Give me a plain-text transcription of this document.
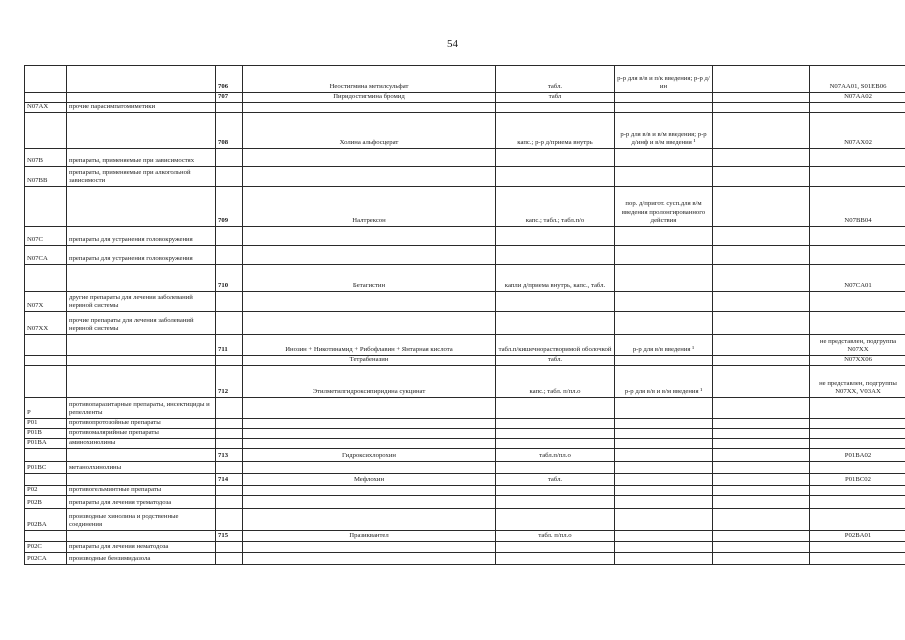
54
		706	Неостигмина метилсульфат	табл.	р-р для в/в и п/к введения; р-р д/ин		N07AA01, S01EB06
		707	Пиридостигмина бромид	табл			N07AA02
N07AX	прочие парасимпатомиметики						
		708	Холина альфосцерат	капс.; р-р д/приема внутрь	р-р для в/в и в/м введения; р-р д/инф и в/м введения ¹		N07AX02
N07B	препараты, применяемые при зависимостях						
N07BB	препараты, применяемые при алкогольной зависимости						
		709	Налтрексон	капс.; табл.; табл.п/о	пор. д/пригот. сусп.для в/м введения пролонгированного действия		N07BB04
N07C	препараты для устранения головокружения						
N07CA	препараты для устранения головокружения						
		710	Бетагистин	капли д/приема внутрь, капс., табл.			N07CA01
N07X	другие препараты для лечения заболеваний нервной системы						
N07XX	прочие препараты для лечения заболеваний нервной системы						
		711	Инозин + Никотинамид + Рибофлавин + Янтарная кислота	табл.п/кишечнорастворимой оболочкой	р-р для в/в введения ¹		не представлен, подгруппа N07XX
			Тетрабеназин	табл.			N07XX06
		712	Этилметилгидроксипиридина сукцинат	капс.; табл. п/пл.о	р-р для в/в и в/м введения ¹		не представлен, подгруппы N07XX, V03AX
P	противопаразитарные препараты, инсектициды и репелленты						
P01	противопротозойные препараты						
P01B	противомалярийные препараты						
P01BA	аминохинолины						
		713	Гидроксихлорохин	табл.п/пл.о			P01BA02
P01BC	метанолхинолины						
		714	Мефлохин	табл.			P01BC02
P02	противогельминтные препараты						
P02B	препараты для лечения трематодоза						
P02BA	производные хинолина и родственные соединения						
		715	Празиквантел	табл. п/пл.о			P02BA01
P02C	препараты для лечения нематодоза						
P02CA	производные бензимидазола						
